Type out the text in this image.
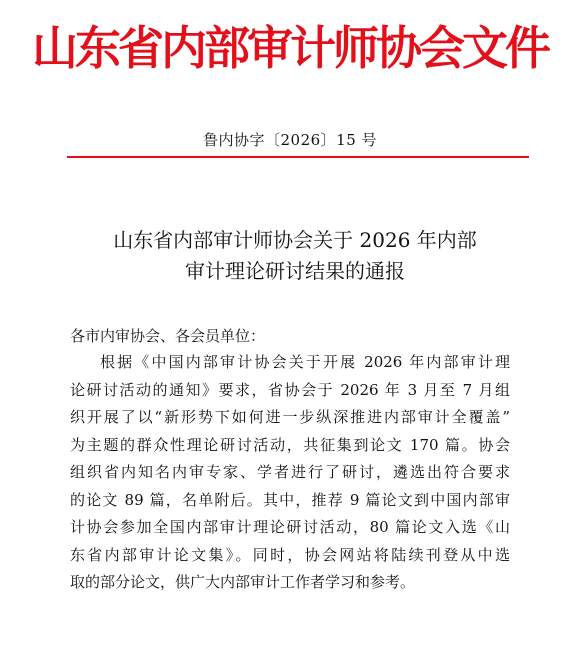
山东省内部审计师协会文件
鲁内协字〔2026〕15 号
山东省内部审计师协会关于 2026 年内部
审计理论研讨结果的通报
各市内审协会、各会员单位：
根据《中国内部审计协会关于开展 2026 年内部审计理
论研讨活动的通知》要求，省协会于 2026 年 3 月至 7 月组
织开展了以“新形势下如何进一步纵深推进内部审计全覆盖”
为主题的群众性理论研讨活动，共征集到论文 170 篇。协会
组织省内知名内审专家、学者进行了研讨，遴选出符合要求
的论文 89 篇，名单附后。其中，推荐 9 篇论文到中国内部审
计协会参加全国内部审计理论研讨活动，80 篇论文入选《山
东省内部审计论文集》。同时，协会网站将陆续刊登从中选
取的部分论文，供广大内部审计工作者学习和参考。
